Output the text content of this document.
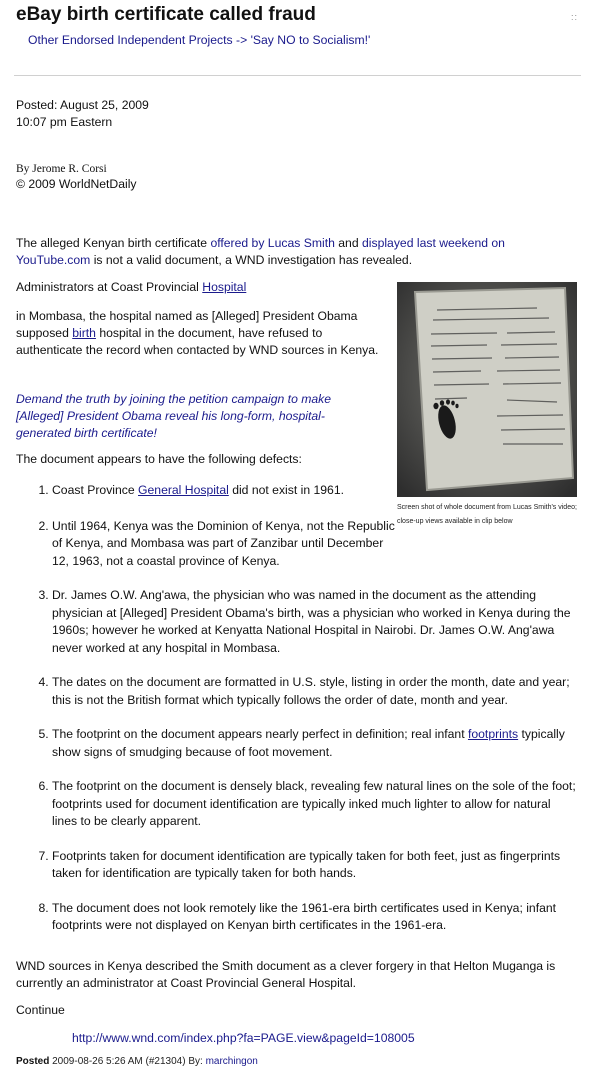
eBay birth certificate called fraud
Other Endorsed Independent Projects -> 'Say NO to Socialism!'
::
Posted: August 25, 2009
10:07 pm Eastern
By Jerome R. Corsi
© 2009 WorldNetDaily
The alleged Kenyan birth certificate offered by Lucas Smith and displayed last weekend on YouTube.com is not a valid document, a WND investigation has revealed.
Administrators at Coast Provincial Hospital
in Mombasa, the hospital named as [Alleged] President Obama supposed birth hospital in the document, have refused to authenticate the record when contacted by WND sources in Kenya.
Demand the truth by joining the petition campaign to make [Alleged] President Obama reveal his long-form, hospital-generated birth certificate!
The document appears to have the following defects:
1. Coast Province General Hospital did not exist in 1961.
2. Until 1964, Kenya was the Dominion of Kenya, not the Republic of Kenya, and Mombasa was part of Zanzibar until December 12, 1963, not a coastal province of Kenya.
3. Dr. James O.W. Ang'awa, the physician who was named in the document as the attending physician at [Alleged] President Obama's birth, was a physician who worked in Kenya during the 1960s; however he worked at Kenyatta National Hospital in Nairobi. Dr. James O.W. Ang'awa never worked at any hospital in Mombasa.
4. The dates on the document are formatted in U.S. style, listing in order the month, date and year; this is not the British format which typically follows the order of date, month and year.
5. The footprint on the document appears nearly perfect in definition; real infant footprints typically show signs of smudging because of foot movement.
6. The footprint on the document is densely black, revealing few natural lines on the sole of the foot; footprints used for document identification are typically inked much lighter to allow for natural lines to be clearly apparent.
7. Footprints taken for document identification are typically taken for both feet, just as fingerprints taken for identification are typically taken for both hands.
8. The document does not look remotely like the 1961-era birth certificates used in Kenya; infant footprints were not displayed on Kenyan birth certificates in the 1961-era.
WND sources in Kenya described the Smith document as a clever forgery in that Helton Muganga is currently an administrator at Coast Provincial General Hospital.
Continue
http://www.wnd.com/index.php?fa=PAGE.view&pageId=108005
Screen shot of whole document from Lucas Smith's video; close-up views available in clip below
Posted 2009-08-26 5:26 AM (#21304) By: marchingon
